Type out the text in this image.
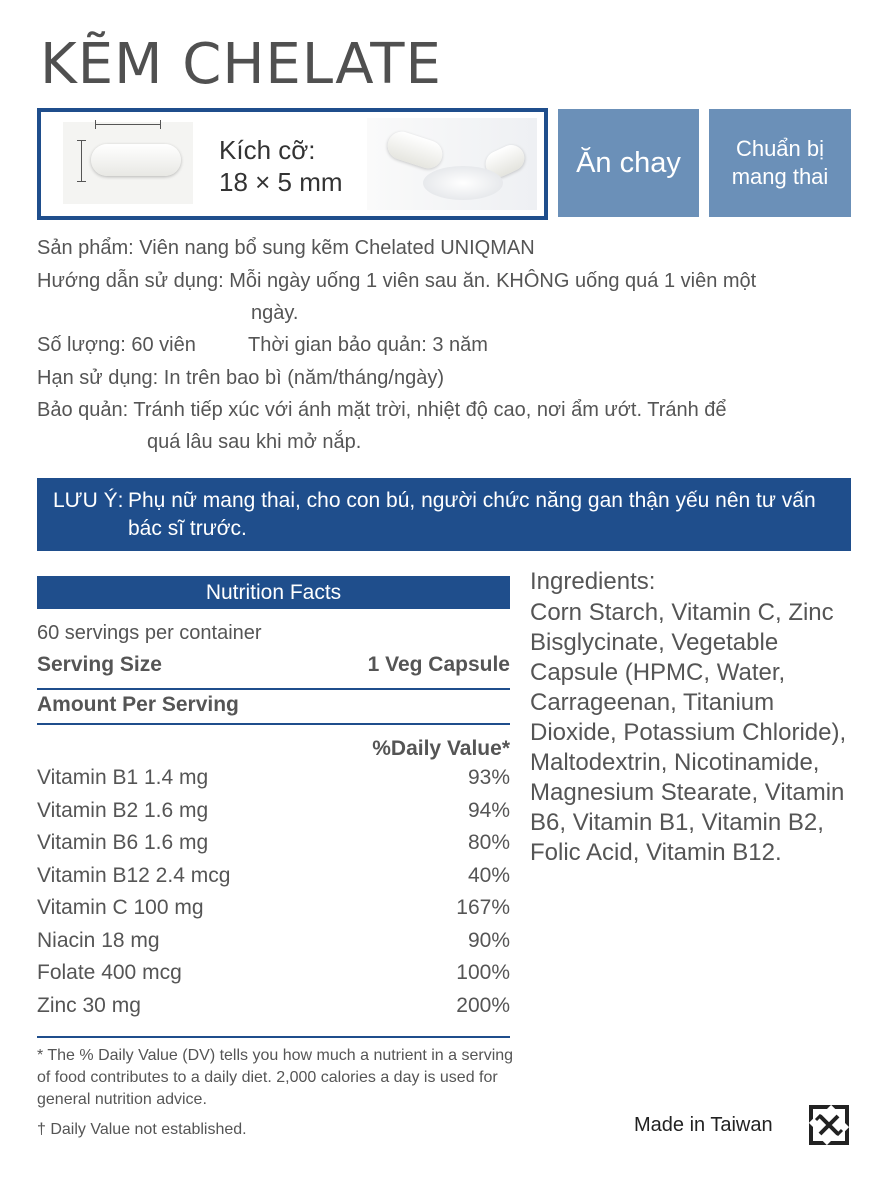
KẼM CHELATE
Kích cỡ:
18 × 5 mm
Ăn chay	Chuẩn bị
mang thai
Sản phẩm: Viên nang bổ sung kẽm Chelated UNIQMAN
Hướng dẫn sử dụng: Mỗi ngày uống 1 viên sau ăn. KHÔNG uống quá 1 viên một
ngày.
Số lượng: 60 viên	Thời gian bảo quản: 3 năm
Hạn sử dụng: In trên bao bì (năm/tháng/ngày)
Bảo quản: Tránh tiếp xúc với ánh mặt trời, nhiệt độ cao, nơi ẩm ướt. Tránh để
quá lâu sau khi mở nắp.
LƯU Ý: Phụ nữ mang thai, cho con bú, người chức năng gan thận yếu nên tư vấn bác sĩ trước.
Nutrition Facts
60 servings per container
Serving Size	1 Veg Capsule
Amount Per Serving
%Daily Value*
Vitamin B1 1.4 mg	93%
Vitamin B2 1.6 mg	94%
Vitamin B6 1.6 mg	80%
Vitamin B12 2.4 mcg	40%
Vitamin C 100 mg	167%
Niacin 18 mg	90%
Folate 400 mcg	100%
Zinc 30 mg	200%
* The % Daily Value (DV) tells you how much a nutrient in a serving of food contributes to a daily diet. 2,000 calories a day is used for general nutrition advice.
† Daily Value not established.
Ingredients:
Corn Starch, Vitamin C, Zinc Bisglycinate, Vegetable Capsule (HPMC, Water, Carrageenan, Titanium Dioxide, Potassium Chloride), Maltodextrin, Nicotinamide, Magnesium Stearate, Vitamin B6, Vitamin B1, Vitamin B2, Folic Acid, Vitamin B12.
Made in Taiwan
